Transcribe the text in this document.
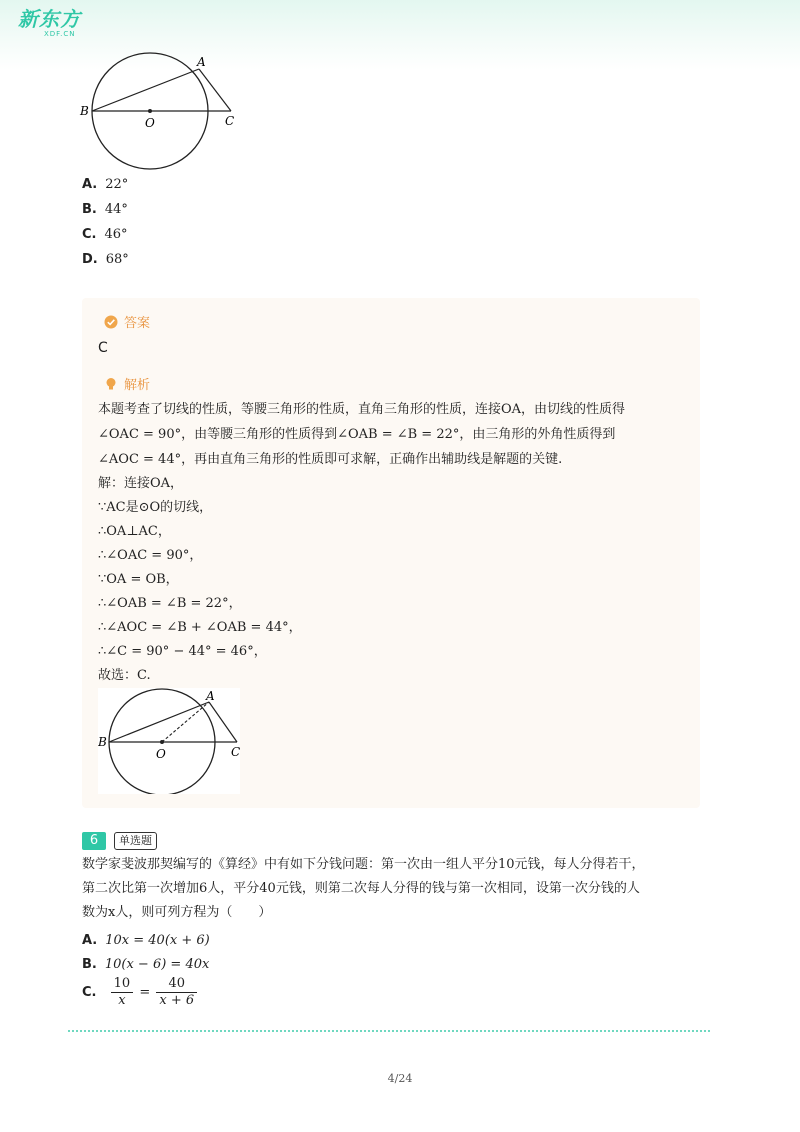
新东方
XDF.CN
A
B
O	C
A. 22°
B. 44°
C. 46°
D. 68°
答案
C
解析
本题考查了切线的性质，等腰三角形的性质，直角三角形的性质，连接OA，由切线的性质得
∠OAC = 90°，由等腰三角形的性质得到∠OAB = ∠B = 22°，由三角形的外角性质得到
∠AOC = 44°，再由直角三角形的性质即可求解，正确作出辅助线是解题的关键.
解：连接OA，
∵AC是⊙O的切线，
∴OA⊥AC，
∴∠OAC = 90°，
∵OA = OB，
∴∠OAB = ∠B = 22°，
∴∠AOC = ∠B + ∠OAB = 44°，
∴∠C = 90° − 44° = 46°，
故选：C.
A
B
O	C
6	单选题
数学家斐波那契编写的《算经》中有如下分钱问题：第一次由一组人平分10元钱，每人分得若干，
第二次比第一次增加6人，平分40元钱，则第二次每人分得的钱与第一次相同，设第一次分钱的人
数为x人，则可列方程为（　　）
A. 10x = 40(x + 6)
B. 10(x − 6) = 40x
C. $\frac{10}{x} = \frac{40}{x + 6}$
4/24
